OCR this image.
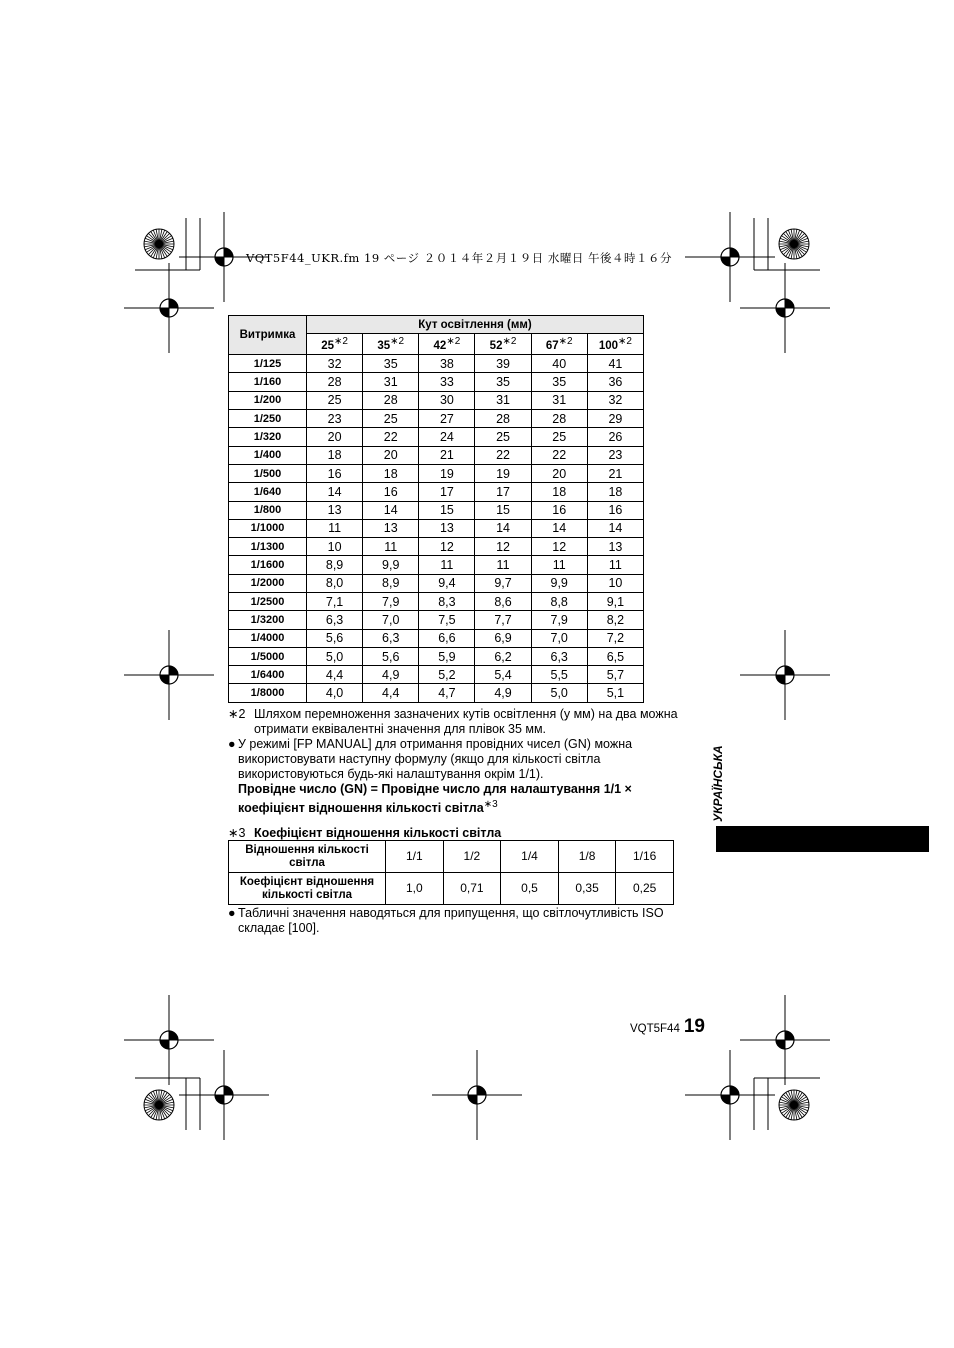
VQT5F44_UKR.fm 19 ページ ２０１４年２月１９日 水曜日 午後４時１６分
Витримка	Кут освітлення (мм)					
	$25^{∗2}$	$35^{∗2}$	$42^{∗2}$	$52^{∗2}$	$67^{∗2}$	$100^{∗2}$
1/125	32	35	38	39	40	41
1/160	28	31	33	35	35	36
1/200	25	28	30	31	31	32
1/250	23	25	27	28	28	29
1/320	20	22	24	25	25	26
1/400	18	20	21	22	22	23
1/500	16	18	19	19	20	21
1/640	14	16	17	17	18	18
1/800	13	14	15	15	16	16
1/1000	11	13	13	14	14	14
1/1300	10	11	12	12	12	13
1/1600	8,9	9,9	11	11	11	11
1/2000	8,0	8,9	9,4	9,7	9,9	10
1/2500	7,1	7,9	8,3	8,6	8,8	9,1
1/3200	6,3	7,0	7,5	7,7	7,9	8,2
1/4000	5,6	6,3	6,6	6,9	7,0	7,2
1/5000	5,0	5,6	5,9	6,2	6,3	6,5
1/6400	4,4	4,9	5,2	5,4	5,5	5,7
1/8000	4,0	4,4	4,7	4,9	5,0	5,1
∗2 Шляхом перемноження зазначених кутів освітлення (у мм) на два можна отримати еквівалентні значення для плівок 35 мм.
● У режимі [FP MANUAL] для отримання провідних чисел (GN) можна використовувати наступну формулу (якщо для кількості світла використовуються будь-які налаштування окрім 1/1).
Провідне число (GN) = Провідне число для налаштування 1/1 × коефіцієнт відношення кількості світла$^{∗3}$
∗3 Коефіцієнт відношення кількості світла
Відношення кількості світла	1/1	1/2	1/4	1/8	1/16
Коефіцієнт відношення кількості світла	1,0	0,71	0,5	0,35	0,25
● Табличні значення наводяться для припущення, що світлочутливість ISO складає [100].
УКРАЇНСЬКА
VQT5F44 19
